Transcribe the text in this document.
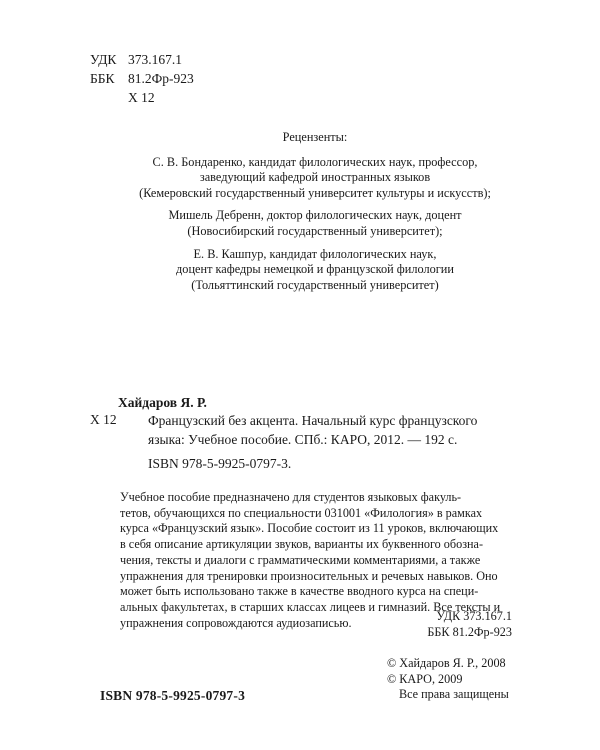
УДК 373.167.1
ББК 81.2Фр-923
Х 12
Рецензенты:
С. В. Бондаренко, кандидат филологических наук, профессор,
заведующий кафедрой иностранных языков
(Кемеровский государственный университет культуры и искусств);
Мишель Дебренн, доктор филологических наук, доцент
(Новосибирский государственный университет);
Е. В. Кашпур, кандидат филологических наук,
доцент кафедры немецкой и французской филологии
(Тольяттинский государственный университет)
Хайдаров Я. Р.
Х 12 Французский без акцента. Начальный курс французского
языка: Учебное пособие. СПб.: КАРО, 2012. — 192 с.
ISBN 978-5-9925-0797-3.
Учебное пособие предназначено для студентов языковых факуль-
тетов, обучающихся по специальности 031001 «Филология» в рамках
курса «Французский язык». Пособие состоит из 11 уроков, включающих
в себя описание артикуляции звуков, варианты их буквенного обозна-
чения, тексты и диалоги с грамматическими комментариями, а также
упражнения для тренировки произносительных и речевых навыков. Оно
может быть использовано также в качестве вводного курса на специ-
альных факультетах, в старших классах лицеев и гимназий. Все тексты и
упражнения сопровождаются аудиозаписью.	УДК 373.167.1
ББК 81.2Фр-923
© Хайдаров Я. Р., 2008
© КАРО, 2009
Все права защищены
ISBN 978-5-9925-0797-3
